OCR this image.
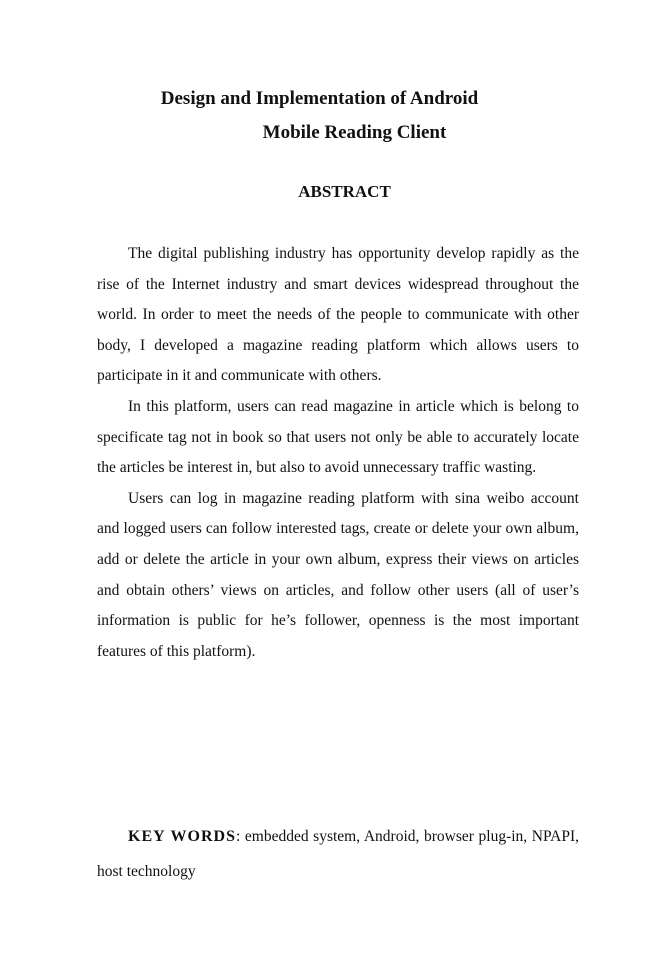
Design and Implementation of Android
Mobile Reading Client
ABSTRACT

The digital publishing industry has opportunity develop rapidly as the rise of the Internet industry and smart devices widespread throughout the world. In order to meet the needs of the people to communicate with other body, I developed a magazine reading platform which allows users to participate in it and communicate with others.

In this platform, users can read magazine in article which is belong to specificate tag not in book so that users not only be able to accurately locate the articles be interest in, but also to avoid unnecessary traffic wasting.

Users can log in magazine reading platform with sina weibo account and logged users can follow interested tags, create or delete your own album, add or delete the article in your own album, express their views on articles and obtain others’ views on articles, and follow other users (all of user’s information is public for he’s follower, openness is the most important features of this platform).

KEY WORDS: embedded system, Android, browser plug-in, NPAPI, host technology
